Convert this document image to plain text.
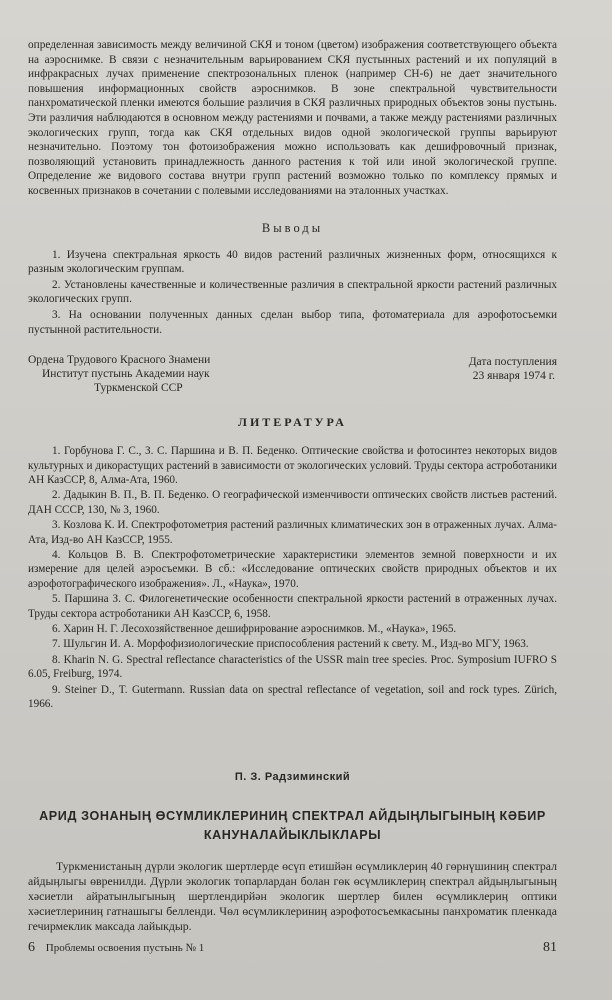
определенная зависимость между величиной СКЯ и тоном (цветом) изображения соответствующего объекта на аэроснимке. В связи с незначительным варьированием СКЯ пустынных растений и их популяций в инфракрасных лучах применение спектрозональных пленок (например СН-6) не дает значительного повышения информационных свойств аэроснимков. В зоне спектральной чувствительности панхроматической пленки имеются большие различия в СКЯ различных природных объектов зоны пустынь. Эти различия наблюдаются в основном между растениями и почвами, а также между растениями различных экологических групп, тогда как СКЯ отдельных видов одной экологической группы варьируют незначительно. Поэтому тон фотоизображения можно использовать как дешифровочный признак, позволяющий установить принадлежность данного растения к той или иной экологической группе. Определение же видового состава внутри групп растений возможно только по комплексу прямых и косвенных признаков в сочетании с полевыми исследованиями на эталонных участках.

Выводы

1. Изучена спектральная яркость 40 видов растений различных жизненных форм, относящихся к разным экологическим группам.

2. Установлены качественные и количественные различия в спектральной яркости растений различных экологических групп.

3. На основании полученных данных сделан выбор типа, фотоматериала для аэрофотосъемки пустынной растительности.

Ордена Трудового Красного Знамени
Институт пустынь Академии наук
Туркменской ССР
Дата поступления
23 января 1974 г.
ЛИТЕРАТУРА

1. Горбунова Г. С., З. С. Паршина и В. П. Беденко. Оптические свойства и фотосинтез некоторых видов культурных и дикорастущих растений в зависимости от экологических условий. Труды сектора астроботаники АН КазССР, 8, Алма-Ата, 1960.

2. Дадыкин В. П., В. П. Беденко. О географической изменчивости оптических свойств листьев растений. ДАН СССР, 130, № 3, 1960.

3. Козлова К. И. Спектрофотометрия растений различных климатических зон в отраженных лучах. Алма-Ата, Изд-во АН КазССР, 1955.

4. Кольцов В. В. Спектрофотометрические характеристики элементов земной поверхности и их измерение для целей аэросъемки. В сб.: «Исследование оптических свойств природных объектов и их аэрофотографического изображения». Л., «Наука», 1970.

5. Паршина З. С. Филогенетические особенности спектральной яркости растений в отраженных лучах. Труды сектора астроботаники АН КазССР, 6, 1958.

6. Харин Н. Г. Лесохозяйственное дешифрирование аэроснимков. М., «Наука», 1965.

7. Шульгин И. А. Морфофизиологические приспособления растений к свету. М., Изд-во МГУ, 1963.

8. Kharin N. G. Spectral reflectance characteristics of the USSR main tree species. Proc. Symposium IUFRO S 6.05, Freiburg, 1974.

9. Steiner D., T. Gutermann. Russian data on spectral reflectance of vegetation, soil and rock types. Zürich, 1966.

П. З. Радзиминский
АРИД ЗОНАНЫҢ ӨСҮМЛИКЛЕРИНИҢ СПЕКТРАЛ АЙДЫҢЛЫГЫНЫҢ КӘБИР КАНУНАЛАЙЫКЛЫКЛАРЫ

Туркменистаныӊ дүрли экологик шертлерде өсүп етишйән өсүмликлериӊ 40 гөрнүшиниӊ спектрал айдыӊлыгы өвренилди. Дүрли экологик топарлардан болан гөк өсүмликлериӊ спектрал айдыӊлыгыныӊ хәсиетли айратынлыгыныӊ шертлендирйән экологик шертлер билен өсүмликлериӊ оптики хәсиетлериниӊ гатнашыгы белленди. Чөл өсүмликлериниӊ аэрофотосъемкасыны панхроматик пленкада гечирмеклик максада лайыкдыр.

6 Проблемы освоения пустынь № 1	81
